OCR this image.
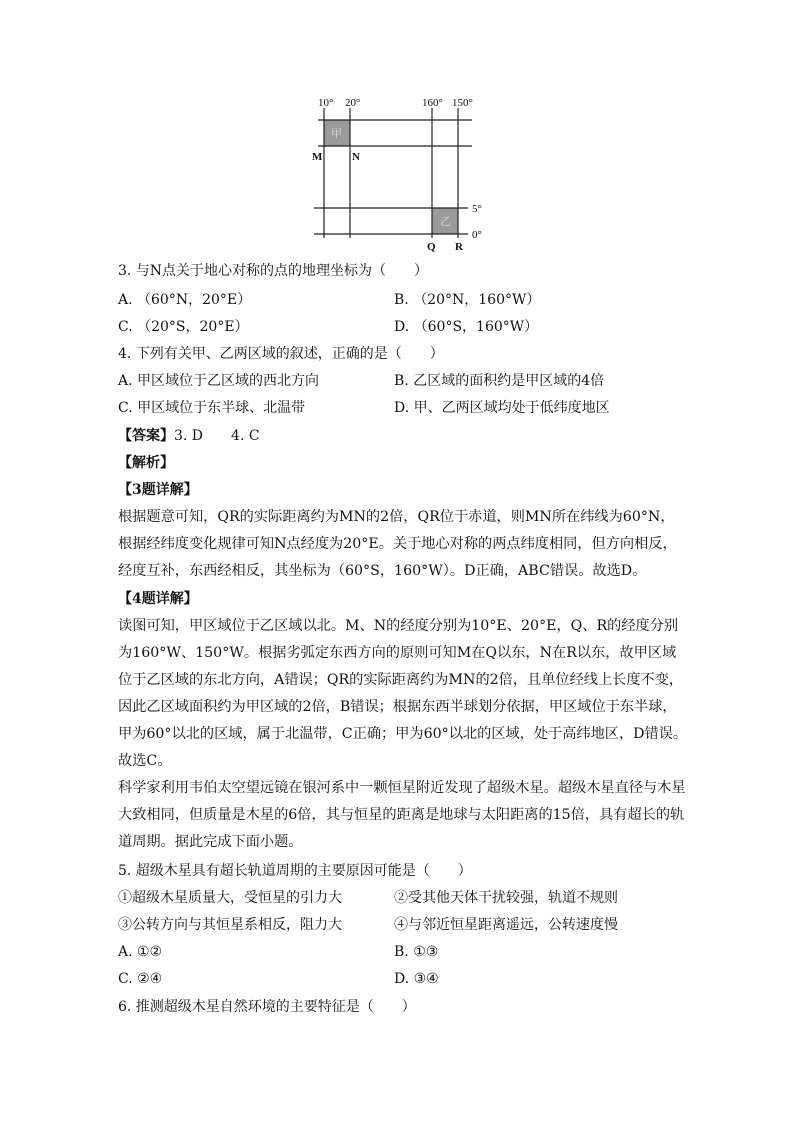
10° 20°	160° 150°
M	N
5°
0°
Q R
甲
乙
3. 与N点关于地心对称的点的地理坐标为（　　）
A. （60°N，20°E）	B. （20°N，160°W）
C. （20°S，20°E）	D. （60°S，160°W）
4. 下列有关甲、乙两区域的叙述，正确的是（　　）
A. 甲区域位于乙区域的西北方向	B. 乙区域的面积约是甲区域的4倍
C. 甲区域位于东半球、北温带	D. 甲、乙两区域均处于低纬度地区
【答案】3. D　　4. C
【解析】
【3题详解】
根据题意可知，QR的实际距离约为MN的2倍，QR位于赤道，则MN所在纬线为60°N，根据经纬度变化规律可知N点经度为20°E。关于地心对称的两点纬度相同，但方向相反，经度互补，东西经相反，其坐标为（60°S，160°W）。D正确，ABC错误。故选D。
【4题详解】
读图可知，甲区域位于乙区域以北。M、N的经度分别为10°E、20°E，Q、R的经度分别为160°W、150°W。根据劣弧定东西方向的原则可知M在Q以东，N在R以东，故甲区域位于乙区域的东北方向，A错误；QR的实际距离约为MN的2倍，且单位经线上长度不变，因此乙区域面积约为甲区域的2倍，B错误；根据东西半球划分依据，甲区域位于东半球，甲为60°以北的区域，属于北温带，C正确；甲为60°以北的区域，处于高纬地区，D错误。故选C。
科学家利用韦伯太空望远镜在银河系中一颗恒星附近发现了超级木星。超级木星直径与木星大致相同，但质量是木星的6倍，其与恒星的距离是地球与太阳距离的15倍，具有超长的轨道周期。据此完成下面小题。
5. 超级木星具有超长轨道周期的主要原因可能是（　　）
①超级木星质量大，受恒星的引力大	②受其他天体干扰较强，轨道不规则
③公转方向与其恒星系相反，阻力大	④与邻近恒星距离遥远，公转速度慢
A. ①②	B. ①③
C. ②④	D. ③④
6. 推测超级木星自然环境的主要特征是（　　）
